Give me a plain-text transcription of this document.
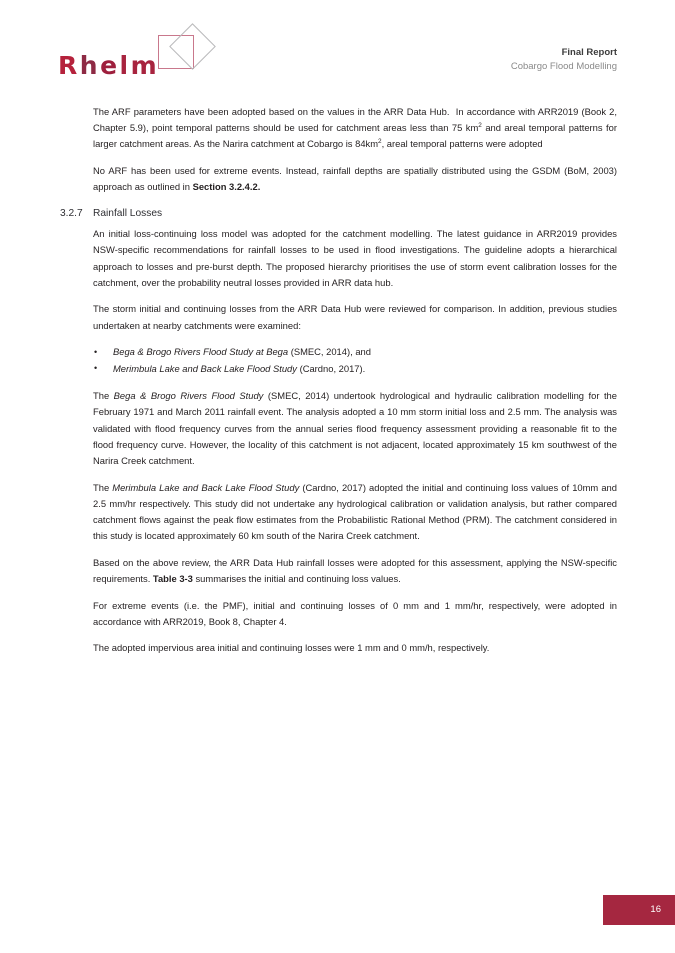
Rhelm	Final Report
Cobargo Flood Modelling

The ARF parameters have been adopted based on the values in the ARR Data Hub.  In accordance with ARR2019 (Book 2, Chapter 5.9), point temporal patterns should be used for catchment areas less than 75 $km^2$ and areal temporal patterns for larger catchment areas. As the Narira catchment at Cobargo is $84km^2$, areal temporal patterns were adopted

No ARF has been used for extreme events. Instead, rainfall depths are spatially distributed using the GSDM (BoM, 2003) approach as outlined in Section 3.2.4.2.

3.2.7 Rainfall Losses

An initial loss-continuing loss model was adopted for the catchment modelling. The latest guidance in ARR2019 provides NSW-specific recommendations for rainfall losses to be used in flood investigations. The guideline adopts a hierarchical approach to losses and pre-burst depth. The proposed hierarchy prioritises the use of storm event calibration losses for the catchment, over the probability neutral losses provided in ARR data hub.

The storm initial and continuing losses from the ARR Data Hub were reviewed for comparison. In addition, previous studies undertaken at nearby catchments were examined:

• Bega & Brogo Rivers Flood Study at Bega (SMEC, 2014), and
• Merimbula Lake and Back Lake Flood Study (Cardno, 2017).

The Bega & Brogo Rivers Flood Study (SMEC, 2014) undertook hydrological and hydraulic calibration modelling for the February 1971 and March 2011 rainfall event. The analysis adopted a 10 mm storm initial loss and 2.5 mm. The analysis was validated with flood frequency curves from the annual series flood frequency assessment providing a reasonable fit to the flood frequency curve. However, the locality of this catchment is not adjacent, located approximately 15 km southwest of the Narira Creek catchment.

The Merimbula Lake and Back Lake Flood Study (Cardno, 2017) adopted the initial and continuing loss values of 10mm and 2.5 mm/hr respectively. This study did not undertake any hydrological calibration or validation analysis, but rather compared catchment flows against the peak flow estimates from the Probabilistic Rational Method (PRM). The catchment considered in this study is located approximately 60 km south of the Narira Creek catchment.

Based on the above review, the ARR Data Hub rainfall losses were adopted for this assessment, applying the NSW-specific requirements. Table 3-3 summarises the initial and continuing loss values.

For extreme events (i.e. the PMF), initial and continuing losses of 0 mm and 1 mm/hr, respectively, were adopted in accordance with ARR2019, Book 8, Chapter 4.

The adopted impervious area initial and continuing losses were 1 mm and 0 mm/h, respectively.

16
